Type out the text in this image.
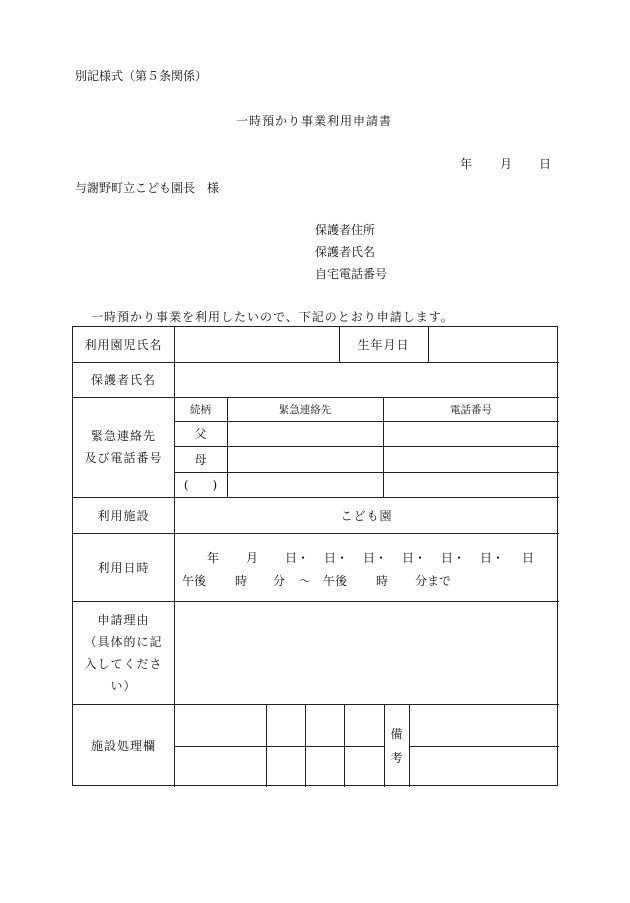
別記様式（第５条関係）
一時預かり事業利用申請書
年 月 日
与謝野町立こども園長　様
保護者住所
保護者氏名
自宅電話番号
一時預かり事業を利用したいので、下記のとおり申請します。
利用園児氏名	生年月日
保護者氏名
緊急連絡先
及び電話番号
続柄	緊急連絡先	電話番号
父
母
(　　)
利用施設	こども園
利用日時
年 月 日・ 日・ 日・ 日・ 日・ 日・ 日
午後 時 分 ～ 午後 時 分まで
申請理由
（具体的に記
入してくださ
い）
施設処理欄
備
考
